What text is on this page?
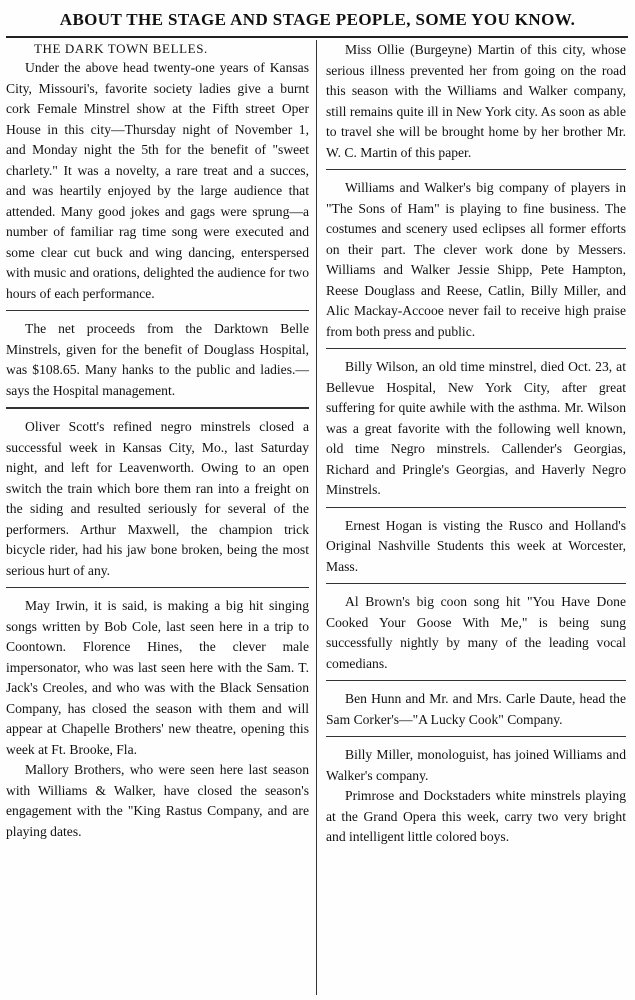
ABOUT THE STAGE AND STAGE PEOPLE, SOME YOU KNOW.
THE DARK TOWN BELLES.

Under the above head twenty-one years of Kansas City, Missouri's, favorite society ladies give a burnt cork Female Minstrel show at the Fifth street Oper House in this city—Thursday night of November 1, and Monday night the 5th for the benefit of "sweet charlety." It was a novelty, a rare treat and a succes, and was heartily enjoyed by the large audience that attended. Many good jokes and gags were sprung—a number of familiar rag time song were executed and some clear cut buck and wing dancing, enterspersed with music and orations, delighted the audience for two hours of each performance.

The net proceeds from the Darktown Belle Minstrels, given for the benefit of Douglass Hospital, was $108.65. Many hanks to the public and ladies.—says the Hospital management.

Oliver Scott's refined negro minstrels closed a successful week in Kansas City, Mo., last Saturday night, and left for Leavenworth. Owing to an open switch the train which bore them ran into a freight on the siding and resulted seriously for several of the performers. Arthur Maxwell, the champion trick bicycle rider, had his jaw bone broken, being the most serious hurt of any.

May Irwin, it is said, is making a big hit singing songs written by Bob Cole, last seen here in a trip to Coontown. Florence Hines, the clever male impersonator, who was last seen here with the Sam. T. Jack's Creoles, and who was with the Black Sensation Company, has closed the season with them and will appear at Chapelle Brothers' new theatre, opening this week at Ft. Brooke, Fla.

Mallory Brothers, who were seen here last season with Williams & Walker, have closed the season's engagement with the "King Rastus Company, and are playing dates.

Miss Ollie (Burgeyne) Martin of this city, whose serious illness prevented her from going on the road this season with the Williams and Walker company, still remains quite ill in New York city. As soon as able to travel she will be brought home by her brother Mr. W. C. Martin of this paper.

Williams and Walker's big company of players in "The Sons of Ham" is playing to fine business. The costumes and scenery used eclipses all former efforts on their part. The clever work done by Messers. Williams and Walker Jessie Shipp, Pete Hampton, Reese Douglass and Reese, Catlin, Billy Miller, and Alic Mackay-Accooe never fail to receive high praise from both press and public.

Billy Wilson, an old time minstrel, died Oct. 23, at Bellevue Hospital, New York City, after great suffering for quite awhile with the asthma. Mr. Wilson was a great favorite with the following well known, old time Negro minstrels. Callender's Georgias, Richard and Pringle's Georgias, and Haverly Negro Minstrels.

Ernest Hogan is visting the Rusco and Holland's Original Nashville Students this week at Worcester, Mass.

Al Brown's big coon song hit "You Have Done Cooked Your Goose With Me," is being sung successfully nightly by many of the leading vocal comedians.

Ben Hunn and Mr. and Mrs. Carle Daute, head the Sam Corker's—"A Lucky Cook" Company.

Billy Miller, monologuist, has joined Williams and Walker's company.

Primrose and Dockstaders white minstrels playing at the Grand Opera this week, carry two very bright and intelligent little colored boys.
